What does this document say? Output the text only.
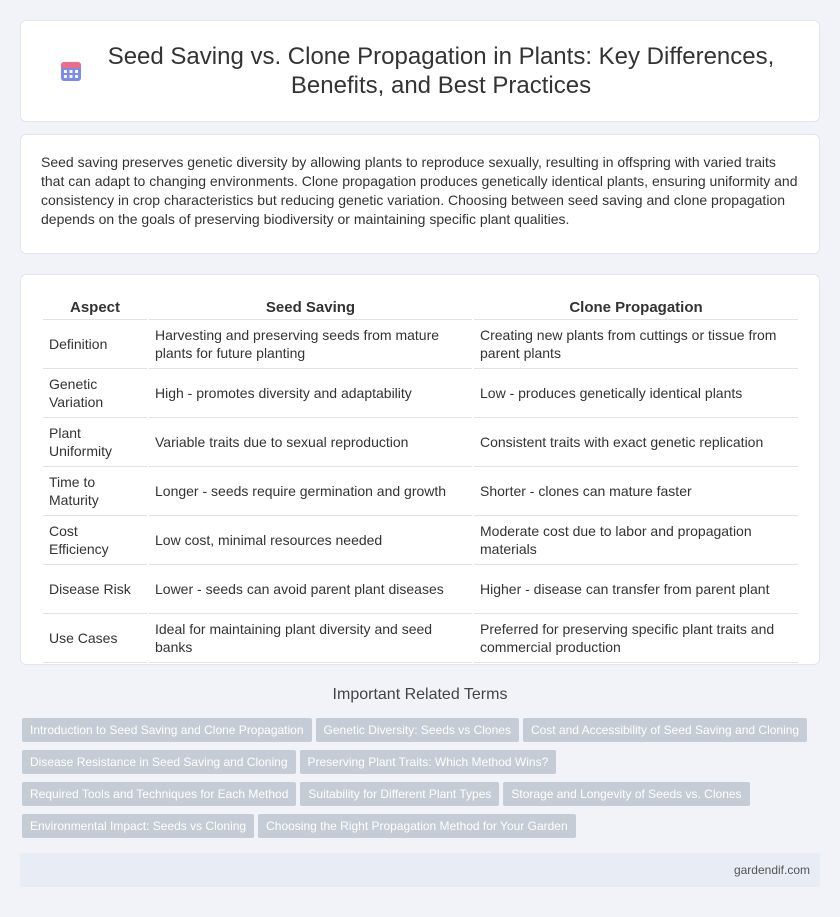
Seed Saving vs. Clone Propagation in Plants: Key Differences, Benefits, and Best Practices

Seed saving preserves genetic diversity by allowing plants to reproduce sexually, resulting in offspring with varied traits that can adapt to changing environments. Clone propagation produces genetically identical plants, ensuring uniformity and consistency in crop characteristics but reducing genetic variation. Choosing between seed saving and clone propagation depends on the goals of preserving biodiversity or maintaining specific plant qualities.

Aspect	Seed Saving	Clone Propagation
Definition	Harvesting and preserving seeds from mature plants for future planting	Creating new plants from cuttings or tissue from parent plants
Genetic Variation	High - promotes diversity and adaptability	Low - produces genetically identical plants
Plant Uniformity	Variable traits due to sexual reproduction	Consistent traits with exact genetic replication
Time to Maturity	Longer - seeds require germination and growth	Shorter - clones can mature faster
Cost Efficiency	Low cost, minimal resources needed	Moderate cost due to labor and propagation materials
Disease Risk	Lower - seeds can avoid parent plant diseases	Higher - disease can transfer from parent plant
Use Cases	Ideal for maintaining plant diversity and seed banks	Preferred for preserving specific plant traits and commercial production
Important Related Terms
Introduction to Seed Saving and Clone Propagation	Genetic Diversity: Seeds vs Clones	Cost and Accessibility of Seed Saving and Cloning
Disease Resistance in Seed Saving and Cloning	Preserving Plant Traits: Which Method Wins?
Required Tools and Techniques for Each Method	Suitability for Different Plant Types	Storage and Longevity of Seeds vs. Clones
Environmental Impact: Seeds vs Cloning	Choosing the Right Propagation Method for Your Garden
gardendif.com
